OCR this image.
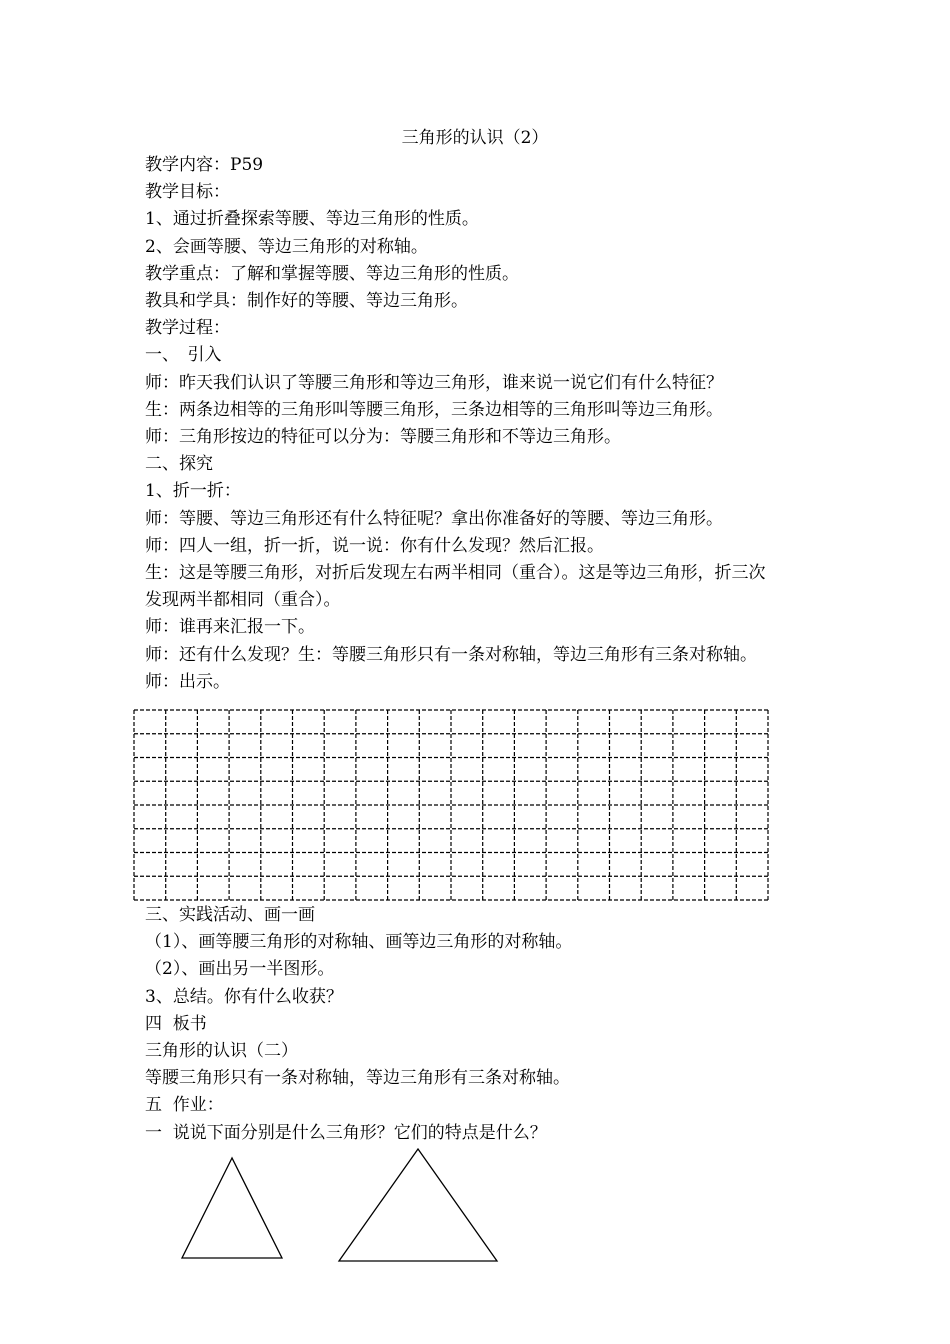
三角形的认识（2）
教学内容：P59
教学目标：
1、通过折叠探索等腰、等边三角形的性质。
2、会画等腰、等边三角形的对称轴。
教学重点：了解和掌握等腰、等边三角形的性质。
教具和学具：制作好的等腰、等边三角形。
教学过程：
一、　引入
师：昨天我们认识了等腰三角形和等边三角形，谁来说一说它们有什么特征？
生：两条边相等的三角形叫等腰三角形，三条边相等的三角形叫等边三角形。
师：三角形按边的特征可以分为：等腰三角形和不等边三角形。
二、探究
1、折一折：
师：等腰、等边三角形还有什么特征呢？拿出你准备好的等腰、等边三角形。
师：四人一组，折一折，说一说：你有什么发现？然后汇报。
生：这是等腰三角形，对折后发现左右两半相同（重合）。这是等边三角形，折三次
发现两半都相同（重合）。
师：谁再来汇报一下。
师：还有什么发现？生：等腰三角形只有一条对称轴，等边三角形有三条对称轴。
师：出示。
三、实践活动、画一画
（1）、画等腰三角形的对称轴、画等边三角形的对称轴。
（2）、画出另一半图形。
3、总结。你有什么收获？
四  板书
三角形的认识（二）
等腰三角形只有一条对称轴，等边三角形有三条对称轴。
五  作业：
一  说说下面分别是什么三角形？它们的特点是什么？
